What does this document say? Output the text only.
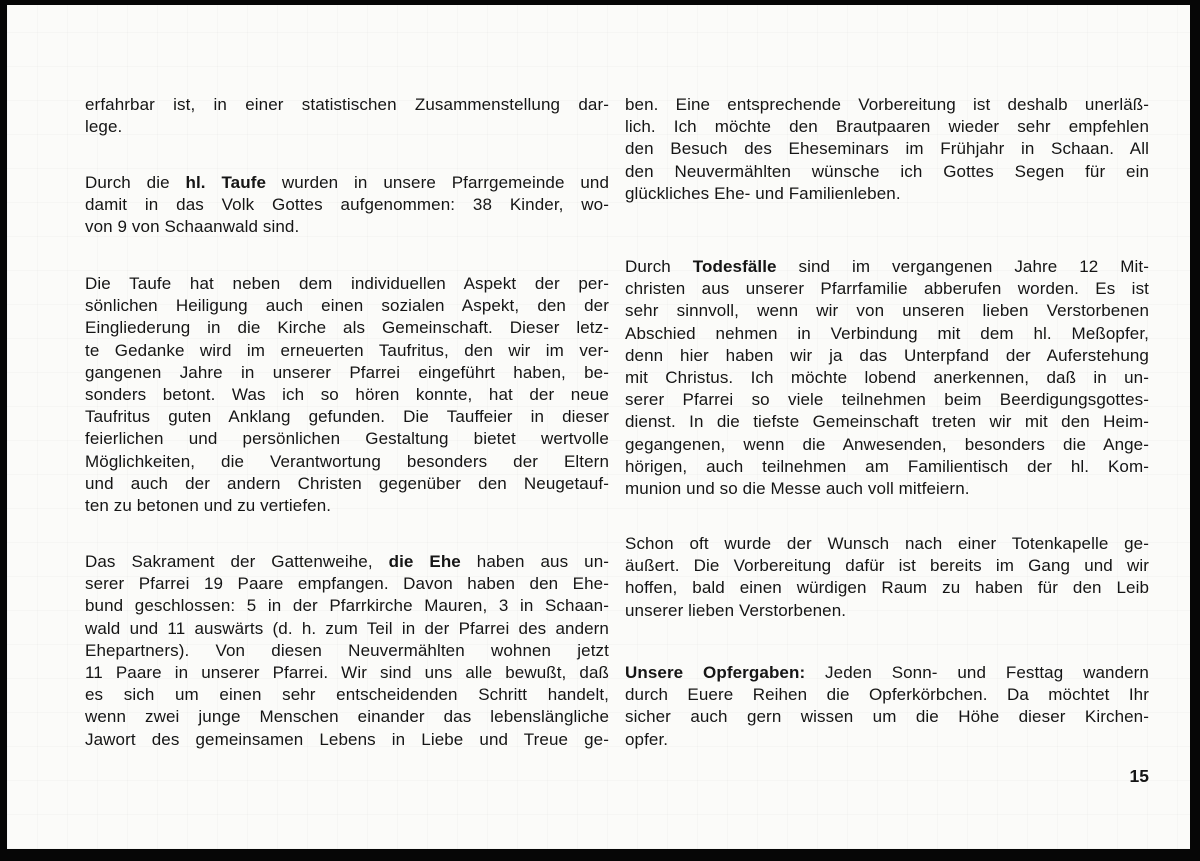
erfahrbar ist, in einer statistischen Zusammenstellung dar-
lege.
Durch die hl. Taufe wurden in unsere Pfarrgemeinde und
damit in das Volk Gottes aufgenommen: 38 Kinder, wo-
von 9 von Schaanwald sind.
Die Taufe hat neben dem individuellen Aspekt der per-
sönlichen Heiligung auch einen sozialen Aspekt, den der
Eingliederung in die Kirche als Gemeinschaft. Dieser letz-
te Gedanke wird im erneuerten Taufritus, den wir im ver-
gangenen Jahre in unserer Pfarrei eingeführt haben, be-
sonders betont. Was ich so hören konnte, hat der neue
Taufritus guten Anklang gefunden. Die Tauffeier in dieser
feierlichen und persönlichen Gestaltung bietet wertvolle
Möglichkeiten, die Verantwortung besonders der Eltern
und auch der andern Christen gegenüber den Neugetauf-
ten zu betonen und zu vertiefen.
Das Sakrament der Gattenweihe, die Ehe haben aus un-
serer Pfarrei 19 Paare empfangen. Davon haben den Ehe-
bund geschlossen: 5 in der Pfarrkirche Mauren, 3 in Schaan-
wald und 11 auswärts (d. h. zum Teil in der Pfarrei des andern
Ehepartners). Von diesen Neuvermählten wohnen jetzt
11 Paare in unserer Pfarrei. Wir sind uns alle bewußt, daß
es sich um einen sehr entscheidenden Schritt handelt,
wenn zwei junge Menschen einander das lebenslängliche
Jawort des gemeinsamen Lebens in Liebe und Treue ge-
ben. Eine entsprechende Vorbereitung ist deshalb unerläß-
lich. Ich möchte den Brautpaaren wieder sehr empfehlen
den Besuch des Eheseminars im Frühjahr in Schaan. All
den Neuvermählten wünsche ich Gottes Segen für ein
glückliches Ehe- und Familienleben.
Durch Todesfälle sind im vergangenen Jahre 12 Mit-
christen aus unserer Pfarrfamilie abberufen worden. Es ist
sehr sinnvoll, wenn wir von unseren lieben Verstorbenen
Abschied nehmen in Verbindung mit dem hl. Meßopfer,
denn hier haben wir ja das Unterpfand der Auferstehung
mit Christus. Ich möchte lobend anerkennen, daß in un-
serer Pfarrei so viele teilnehmen beim Beerdigungsgottes-
dienst. In die tiefste Gemeinschaft treten wir mit den Heim-
gegangenen, wenn die Anwesenden, besonders die Ange-
hörigen, auch teilnehmen am Familientisch der hl. Kom-
munion und so die Messe auch voll mitfeiern.
Schon oft wurde der Wunsch nach einer Totenkapelle ge-
äußert. Die Vorbereitung dafür ist bereits im Gang und wir
hoffen, bald einen würdigen Raum zu haben für den Leib
unserer lieben Verstorbenen.
Unsere Opfergaben: Jeden Sonn- und Festtag wandern
durch Euere Reihen die Opferkörbchen. Da möchtet Ihr
sicher auch gern wissen um die Höhe dieser Kirchen-
opfer.
15
